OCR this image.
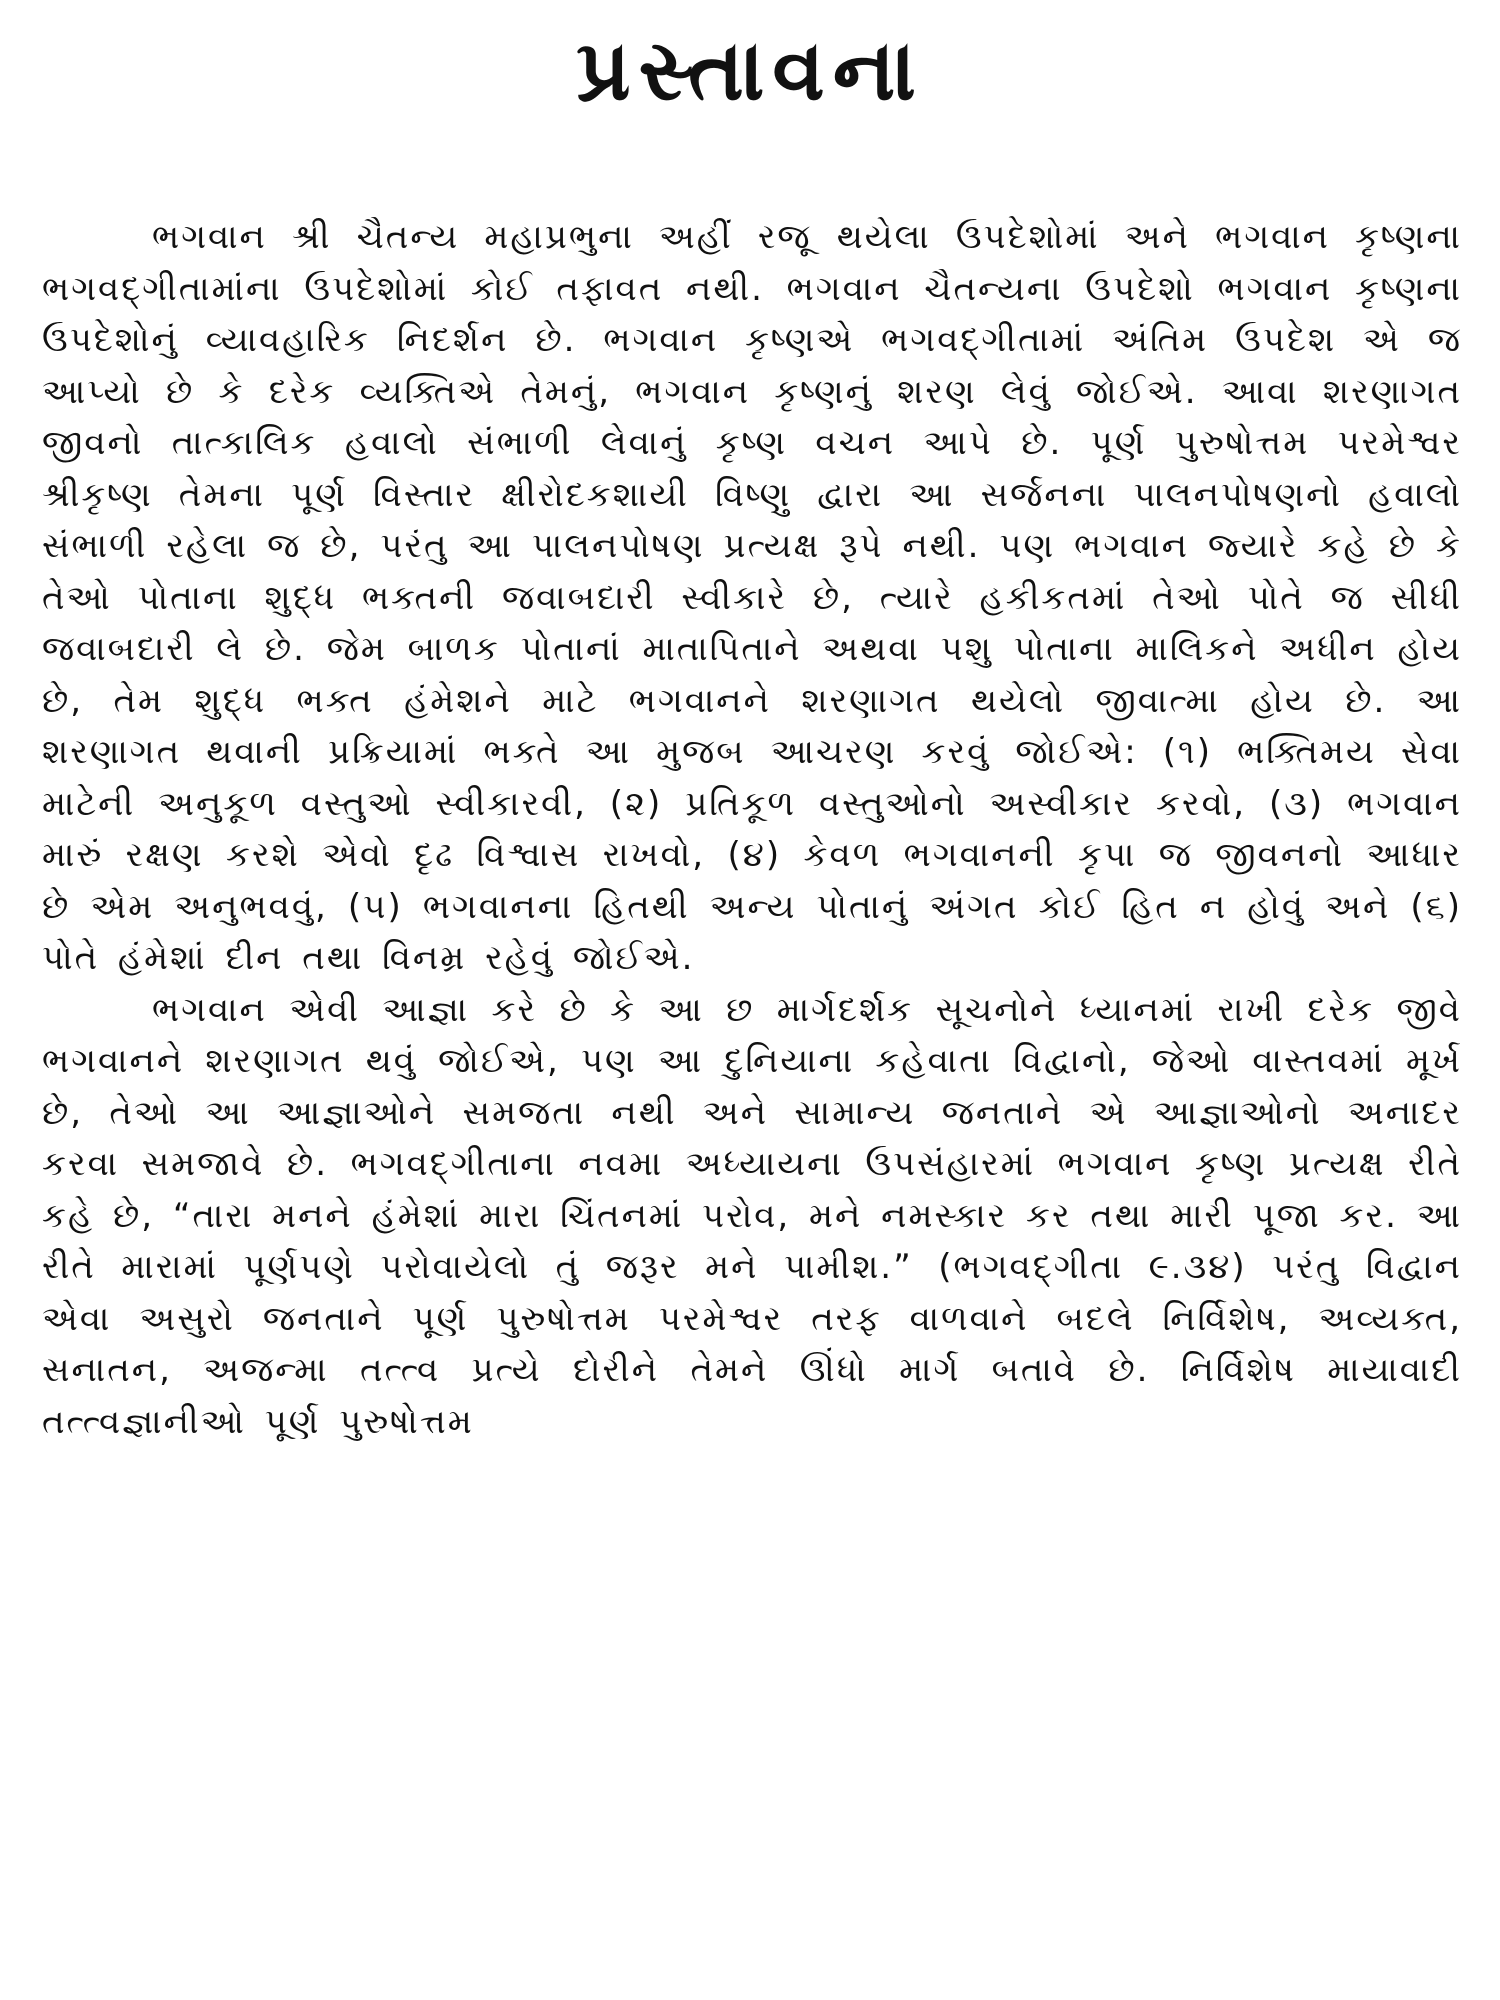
પ્રસ્તાવના

ભગવાન શ્રી ચૈતન્ય મહાપ્રભુના અહીં રજૂ થયેલા ઉપદેશોમાં અને ભગવાન કૃષ્ણના ભગવદ્ગીતામાંના ઉપદેશોમાં કોઈ તફાવત નથી. ભગવાન ચૈતન્યના ઉપદેશો ભગવાન કૃષ્ણના ઉપદેશોનું વ્યાવહારિક નિદર્શન છે. ભગવાન કૃષ્ણએ ભગવદ્ગીતામાં અંતિમ ઉપદેશ એ જ આપ્યો છે કે દરેક વ્યક્તિએ તેમનું, ભગવાન કૃષ્ણનું શરણ લેવું જોઈએ. આવા શરણાગત જીવનો તાત્કાલિક હવાલો સંભાળી લેવાનું કૃષ્ણ વચન આપે છે. પૂર્ણ પુરુષોત્તમ પરમેશ્વર શ્રીકૃષ્ણ તેમના પૂર્ણ વિસ્તાર ક્ષીરોદકશાયી વિષ્ણુ દ્વારા આ સર્જનના પાલનપોષણનો હવાલો સંભાળી રહેલા જ છે, પરંતુ આ પાલનપોષણ પ્રત્યક્ષ રૂપે નથી. પણ ભગવાન જ્યારે કહે છે કે તેઓ પોતાના શુદ્ધ ભક્તની જવાબદારી સ્વીકારે છે, ત્યારે હકીકતમાં તેઓ પોતે જ સીધી જવાબદારી લે છે. જેમ બાળક પોતાનાં માતાપિતાને અથવા પશુ પોતાના માલિકને અધીન હોય છે, તેમ શુદ્ધ ભક્ત હંમેશને માટે ભગવાનને શરણાગત થયેલો જીવાત્મા હોય છે. આ શરણાગત થવાની પ્રક્રિયામાં ભક્તે આ મુજબ આચરણ કરવું જોઈએ: (૧) ભક્તિમય સેવા માટેની અનુકૂળ વસ્તુઓ સ્વીકારવી, (૨) પ્રતિકૂળ વસ્તુઓનો અસ્વીકાર કરવો, (૩) ભગવાન મારું રક્ષણ કરશે એવો દૃઢ વિશ્વાસ રાખવો, (૪) કેવળ ભગવાનની કૃપા જ જીવનનો આધાર છે એમ અનુભવવું, (૫) ભગવાનના હિતથી અન્ય પોતાનું અંગત કોઈ હિત ન હોવું અને (૬) પોતે હંમેશાં દીન તથા વિનમ્ર રહેવું જોઈએ.

ભગવાન એવી આજ્ઞા કરે છે કે આ છ માર્ગદર્શક સૂચનોને ધ્યાનમાં રાખી દરેક જીવે ભગવાનને શરણાગત થવું જોઈએ, પણ આ દુનિયાના કહેવાતા વિદ્વાનો, જેઓ વાસ્તવમાં મૂર્ખ છે, તેઓ આ આજ્ઞાઓને સમજતા નથી અને સામાન્ય જનતાને એ આજ્ઞાઓનો અનાદર કરવા સમજાવે છે. ભગવદ્ગીતાના નવમા અધ્યાયના ઉપસંહારમાં ભગવાન કૃષ્ણ પ્રત્યક્ષ રીતે કહે છે, “તારા મનને હંમેશાં મારા ચિંતનમાં પરોવ, મને નમસ્કાર કર તથા મારી પૂજા કર. આ રીતે મારામાં પૂર્ણપણે પરોવાયેલો તું જરૂર મને પામીશ.” (ભગવદ્ગીતા ૯.૩૪) પરંતુ વિદ્વાન એવા અસુરો જનતાને પૂર્ણ પુરુષોત્તમ પરમેશ્વર તરફ વાળવાને બદલે નિર્વિશેષ, અવ્યક્ત, સનાતન, અજન્મા તત્ત્વ પ્રત્યે દોરીને તેમને ઊંધો માર્ગ બતાવે છે. નિર્વિશેષ માયાવાદી તત્ત્વજ્ઞાનીઓ પૂર્ણ પુરુષોત્તમ
